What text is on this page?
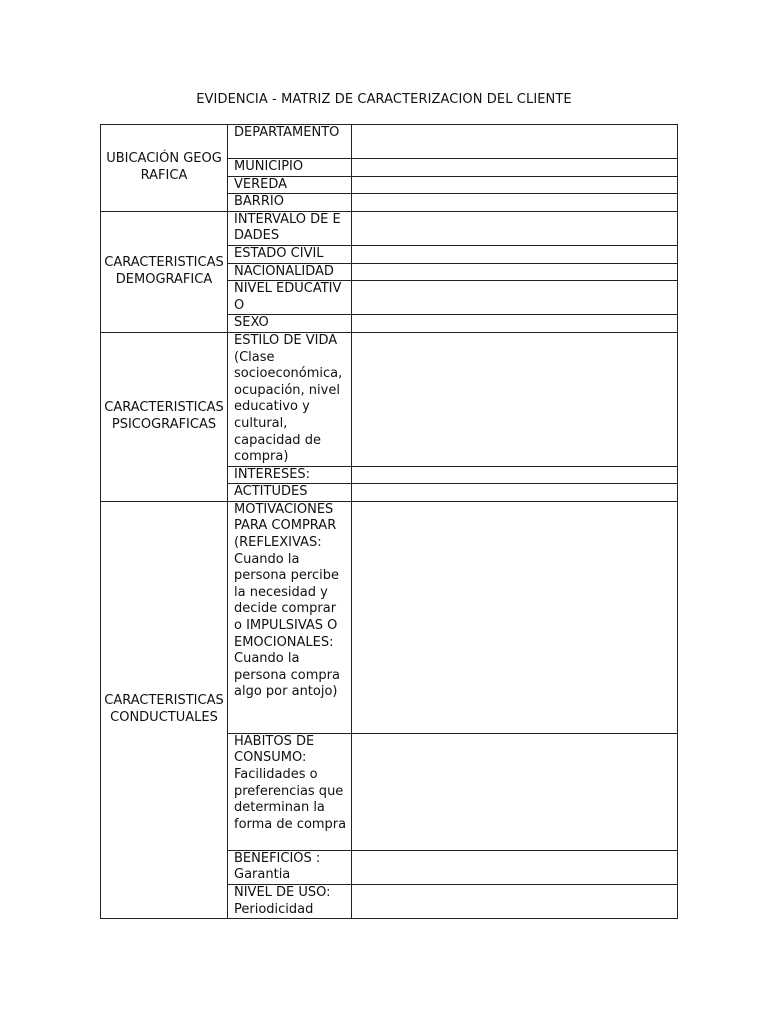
EVIDENCIA - MATRIZ DE CARACTERIZACION DEL CLIENTE
UBICACIÓN GEOGRAFICA	DEPARTAMENTO	
	MUNICIPIO	
	VEREDA	
	BARRIO	
CARACTERISTICAS DEMOGRAFICA	INTERVALO DE EDADES	
	ESTADO CIVIL	
	NACIONALIDAD	
	NIVEL EDUCATIVO	
	SEXO	
CARACTERISTICAS PSICOGRAFICAS	ESTILO DE VIDA (Clase socioeconómica, ocupación, nivel educativo y cultural, capacidad de compra)	
	INTERESES:	
	ACTITUDES	
CARACTERISTICAS CONDUCTUALES	MOTIVACIONES PARA COMPRAR (REFLEXIVAS: Cuando la persona percibe la necesidad y decide comprar o IMPULSIVAS O EMOCIONALES: Cuando la persona compra algo por antojo)	
	HABITOS DE CONSUMO: Facilidades o preferencias que determinan la forma de compra	
	BENEFICIOS : Garantia	
	NIVEL DE USO: Periodicidad	
